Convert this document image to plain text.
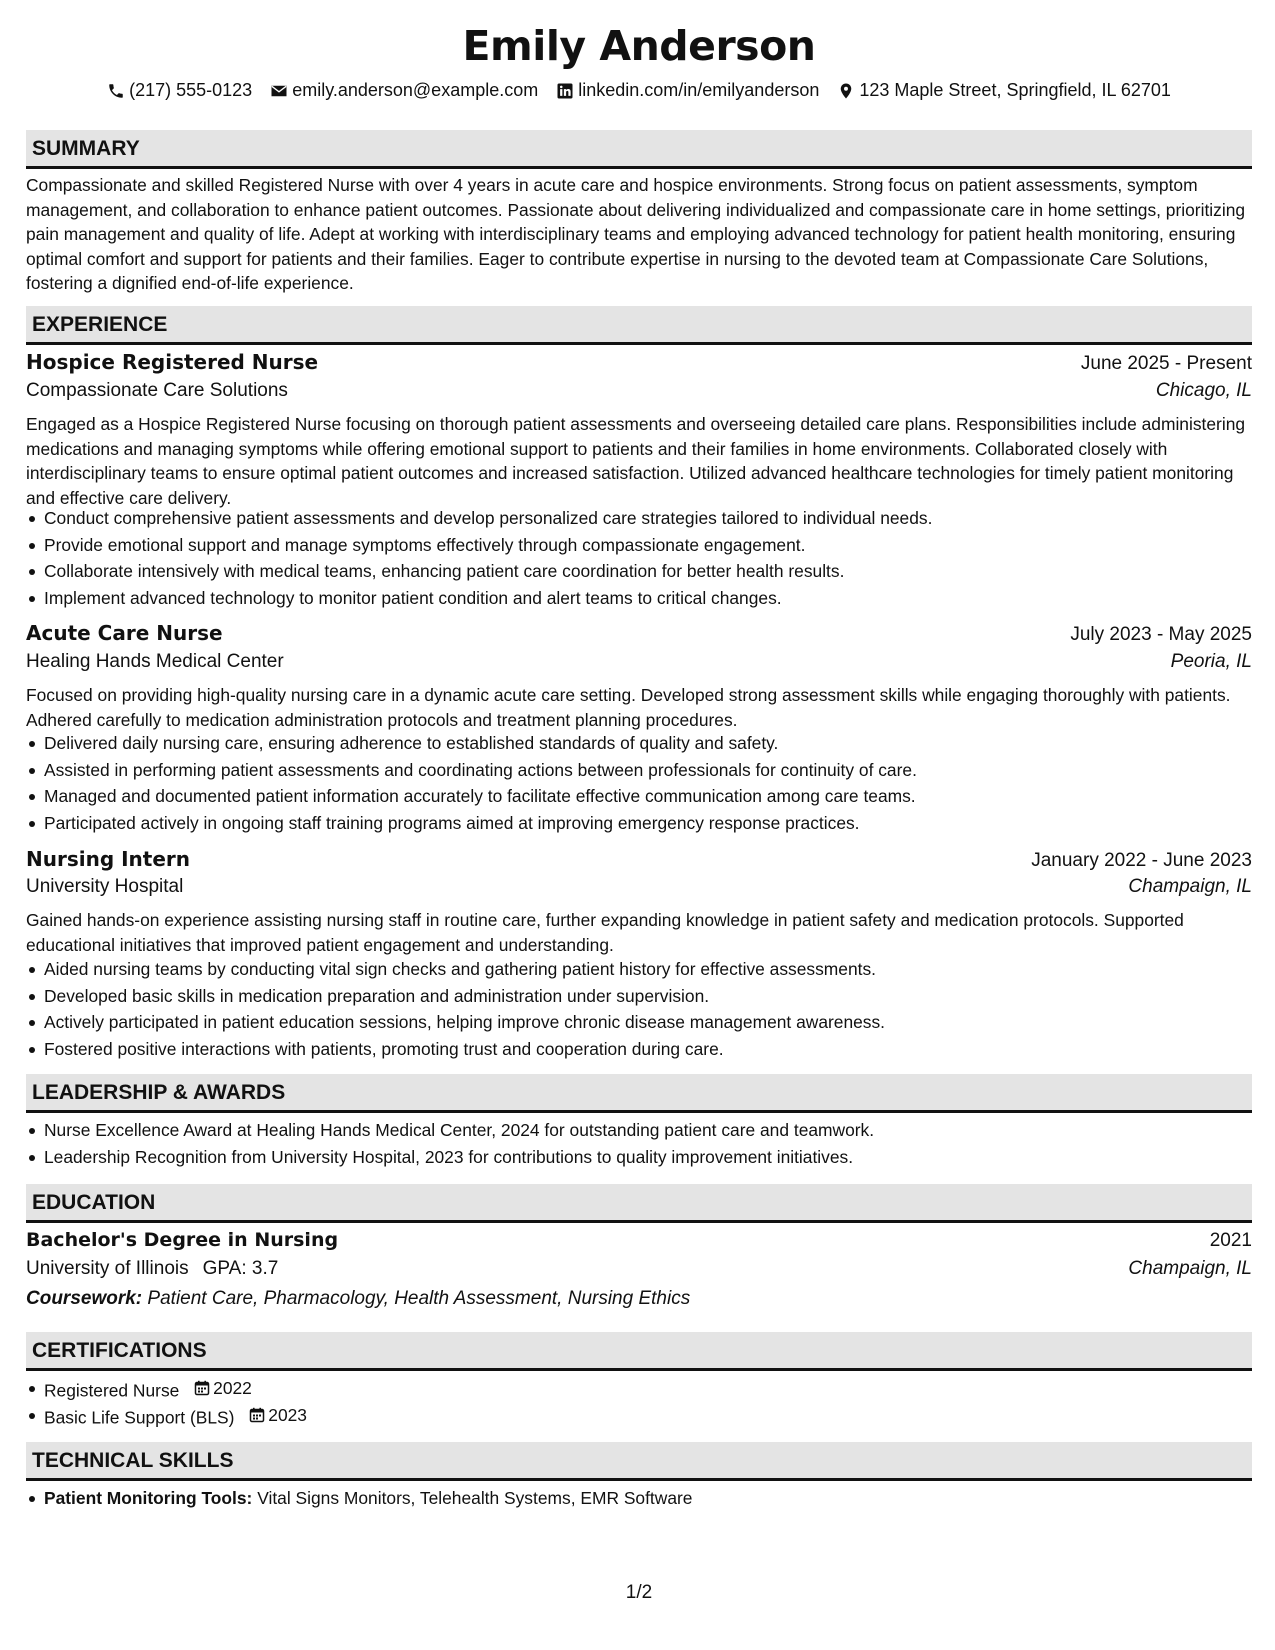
Emily Anderson
(217) 555-0123 emily.anderson@example.com linkedin.com/in/emilyanderson 123 Maple Street, Springfield, IL 62701
SUMMARY
Compassionate and skilled Registered Nurse with over 4 years in acute care and hospice environments. Strong focus on patient assessments, symptom management, and collaboration to enhance patient outcomes. Passionate about delivering individualized and compassionate care in home settings, prioritizing pain management and quality of life. Adept at working with interdisciplinary teams and employing advanced technology for patient health monitoring, ensuring optimal comfort and support for patients and their families. Eager to contribute expertise in nursing to the devoted team at Compassionate Care Solutions, fostering a dignified end-of-life experience.
EXPERIENCE
Hospice Registered Nurse	June 2025 - Present
Compassionate Care Solutions	Chicago, IL
Engaged as a Hospice Registered Nurse focusing on thorough patient assessments and overseeing detailed care plans. Responsibilities include administering medications and managing symptoms while offering emotional support to patients and their families in home environments. Collaborated closely with interdisciplinary teams to ensure optimal patient outcomes and increased satisfaction. Utilized advanced healthcare technologies for timely patient monitoring and effective care delivery.
Conduct comprehensive patient assessments and develop personalized care strategies tailored to individual needs.
Provide emotional support and manage symptoms effectively through compassionate engagement.
Collaborate intensively with medical teams, enhancing patient care coordination for better health results.
Implement advanced technology to monitor patient condition and alert teams to critical changes.
Acute Care Nurse	July 2023 - May 2025
Healing Hands Medical Center	Peoria, IL
Focused on providing high-quality nursing care in a dynamic acute care setting. Developed strong assessment skills while engaging thoroughly with patients. Adhered carefully to medication administration protocols and treatment planning procedures.
Delivered daily nursing care, ensuring adherence to established standards of quality and safety.
Assisted in performing patient assessments and coordinating actions between professionals for continuity of care.
Managed and documented patient information accurately to facilitate effective communication among care teams.
Participated actively in ongoing staff training programs aimed at improving emergency response practices.
Nursing Intern	January 2022 - June 2023
University Hospital	Champaign, IL
Gained hands-on experience assisting nursing staff in routine care, further expanding knowledge in patient safety and medication protocols. Supported educational initiatives that improved patient engagement and understanding.
Aided nursing teams by conducting vital sign checks and gathering patient history for effective assessments.
Developed basic skills in medication preparation and administration under supervision.
Actively participated in patient education sessions, helping improve chronic disease management awareness.
Fostered positive interactions with patients, promoting trust and cooperation during care.
LEADERSHIP & AWARDS
Nurse Excellence Award at Healing Hands Medical Center, 2024 for outstanding patient care and teamwork.
Leadership Recognition from University Hospital, 2023 for contributions to quality improvement initiatives.
EDUCATION
Bachelor's Degree in Nursing	2021
University of Illinois GPA: 3.7	Champaign, IL
Coursework: Patient Care, Pharmacology, Health Assessment, Nursing Ethics
CERTIFICATIONS
Registered Nurse 2022
Basic Life Support (BLS) 2023
TECHNICAL SKILLS
Patient Monitoring Tools: Vital Signs Monitors, Telehealth Systems, EMR Software
1/2
